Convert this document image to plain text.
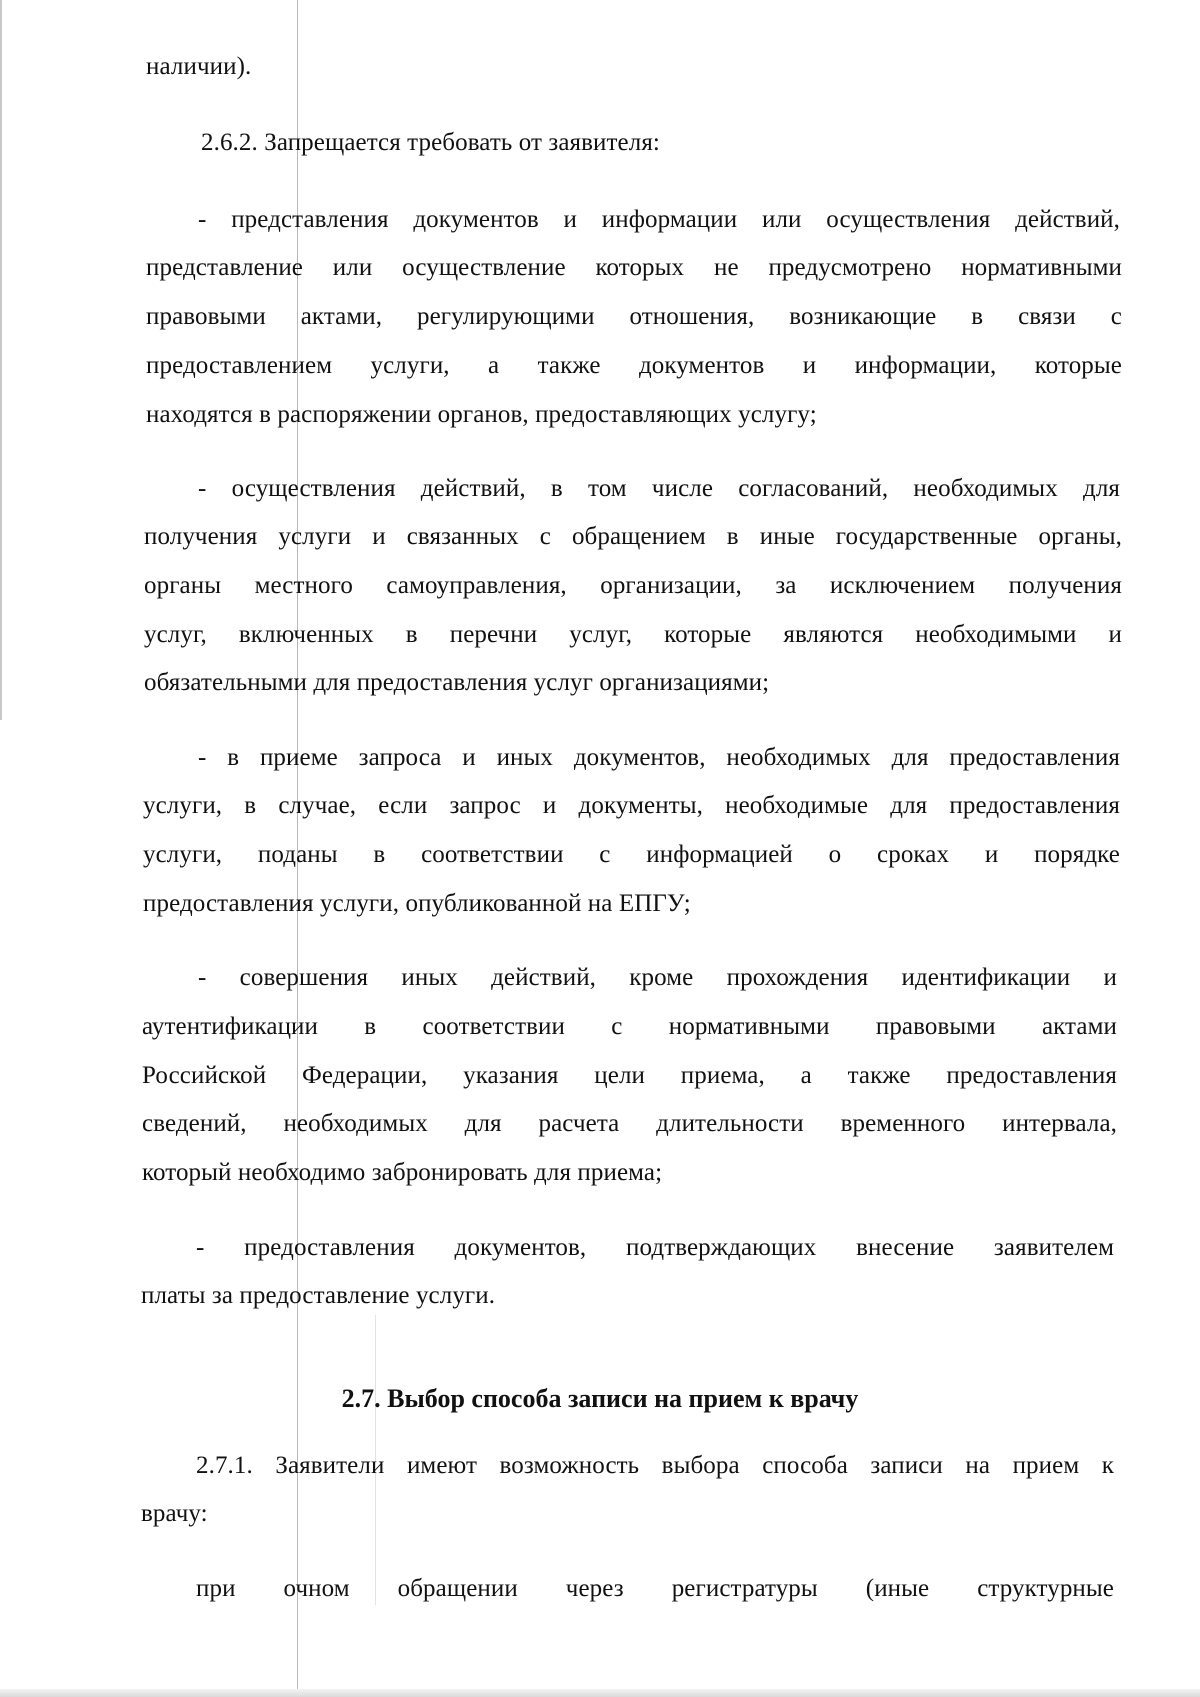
наличии).
2.6.2. Запрещается требовать от заявителя:
- представления документов и информации или осуществления действий,
представление или осуществление которых не предусмотрено нормативными
правовыми актами, регулирующими отношения, возникающие в связи с
предоставлением услуги, а также документов и информации, которые
находятся в распоряжении органов, предоставляющих услугу;
- осуществления действий, в том числе согласований, необходимых для
получения услуги и связанных с обращением в иные государственные органы,
органы местного самоуправления, организации, за исключением получения
услуг, включенных в перечни услуг, которые являются необходимыми и
обязательными для предоставления услуг организациями;
- в приеме запроса и иных документов, необходимых для предоставления
услуги, в случае, если запрос и документы, необходимые для предоставления
услуги, поданы в соответствии с информацией о сроках и порядке
предоставления услуги, опубликованной на ЕПГУ;
- совершения иных действий, кроме прохождения идентификации и
аутентификации в соответствии с нормативными правовыми актами
Российской Федерации, указания цели приема, а также предоставления
сведений, необходимых для расчета длительности временного интервала,
который необходимо забронировать для приема;
- предоставления документов, подтверждающих внесение заявителем
платы за предоставление услуги.
2.7. Выбор способа записи на прием к врачу
2.7.1. Заявители имеют возможность выбора способа записи на прием к
врачу:
при очном обращении через регистратуры (иные структурные
